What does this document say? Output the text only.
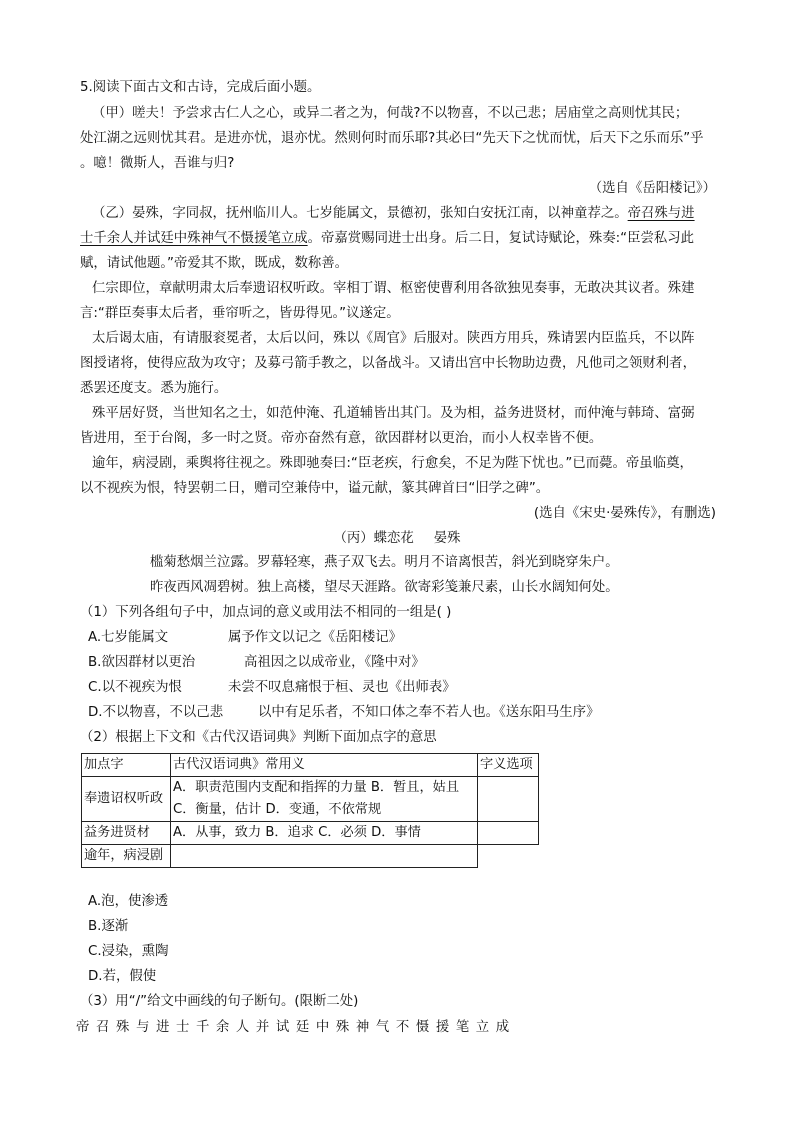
5.阅读下面古文和古诗，完成后面小题。
（甲）嗟夫！予尝求古仁人之心，或异二者之为，何哉?不以物喜，不以己悲；居庙堂之高则忧其民；
处江湖之远则忧其君。是进亦忧，退亦忧。然则何时而乐耶?其必曰“先天下之忧而忧，后天下之乐而乐”乎
。噫！微斯人，吾谁与归?
（选自《岳阳楼记》）
（乙）晏殊，字同叔，抚州临川人。七岁能属文，景德初，张知白安抚江南，以神童荐之。帝召殊与进
士千余人并试廷中殊神气不慑援笔立成。帝嘉赏赐同进士出身。后二日，复试诗赋论，殊奏:“臣尝私习此
赋，请试他题。”帝爱其不欺，既成，数称善。
仁宗即位，章献明肃太后奉遗诏权听政。宰相丁谓、枢密使曹利用各欲独见奏事，无敢决其议者。殊建
言:“群臣奏事太后者，垂帘听之，皆毋得见。”议遂定。
太后谒太庙，有请服衮冕者，太后以问，殊以《周官》后服对。陕西方用兵，殊请罢内臣监兵，不以阵
图授诸将，使得应敌为攻守；及募弓箭手教之，以备战斗。又请出宫中长物助边费，凡他司之领财利者，
悉罢还度支。悉为施行。
殊平居好贤，当世知名之士，如范仲淹、孔道辅皆出其门。及为相，益务进贤材，而仲淹与韩琦、富弼
皆进用，至于台阁，多一时之贤。帝亦奋然有意，欲因群材以更治，而小人权幸皆不便。
逾年，病浸剧，乘舆将往视之。殊即驰奏曰:“臣老疾，行愈矣，不足为陛下忧也。”已而薨。帝虽临奠，
以不视疾为恨，特罢朝二日，赠司空兼侍中，谥元献，篆其碑首曰“旧学之碑”。
(选自《宋史·晏殊传》，有删选)
（丙）蝶恋花 晏殊
槛菊愁烟兰泣露。罗幕轻寒，燕子双飞去。明月不谙离恨苦，斜光到晓穿朱户。
昨夜西风凋碧树。独上高楼，望尽天涯路。欲寄彩笺兼尺素，山长水阔知何处。
（1）下列各组句子中，加点词的意义或用法不相同的一组是( )
A.七岁能属文	属予作文以记之《岳阳楼记》
B.欲因群材以更治	高祖因之以成帝业，《隆中对》
C.以不视疾为恨	未尝不叹息痛恨于桓、灵也《出师表》
D.不以物喜，不以己悲	以中有足乐者，不知口体之奉不若人也。《送东阳马生序》
（2）根据上下文和《古代汉语词典》判断下面加点字的意思
加点字	古代汉语词典》常用义	字义选项
奉遗诏权听政	A．职责范围内支配和指挥的力量 B．暂且，姑且
C．衡量，估计 D．变通，不依常规	

益务进贤材	A．从事，致力 B．追求 C．必须 D．事情	
逾年，病浸剧		
A.泡，使渗透
B.逐渐
C.浸染，熏陶
D.若，假使
（3）用“/”给文中画线的句子断句。(限断二处)
帝召殊与进士千余人并试廷中殊神气不慑援笔立成
